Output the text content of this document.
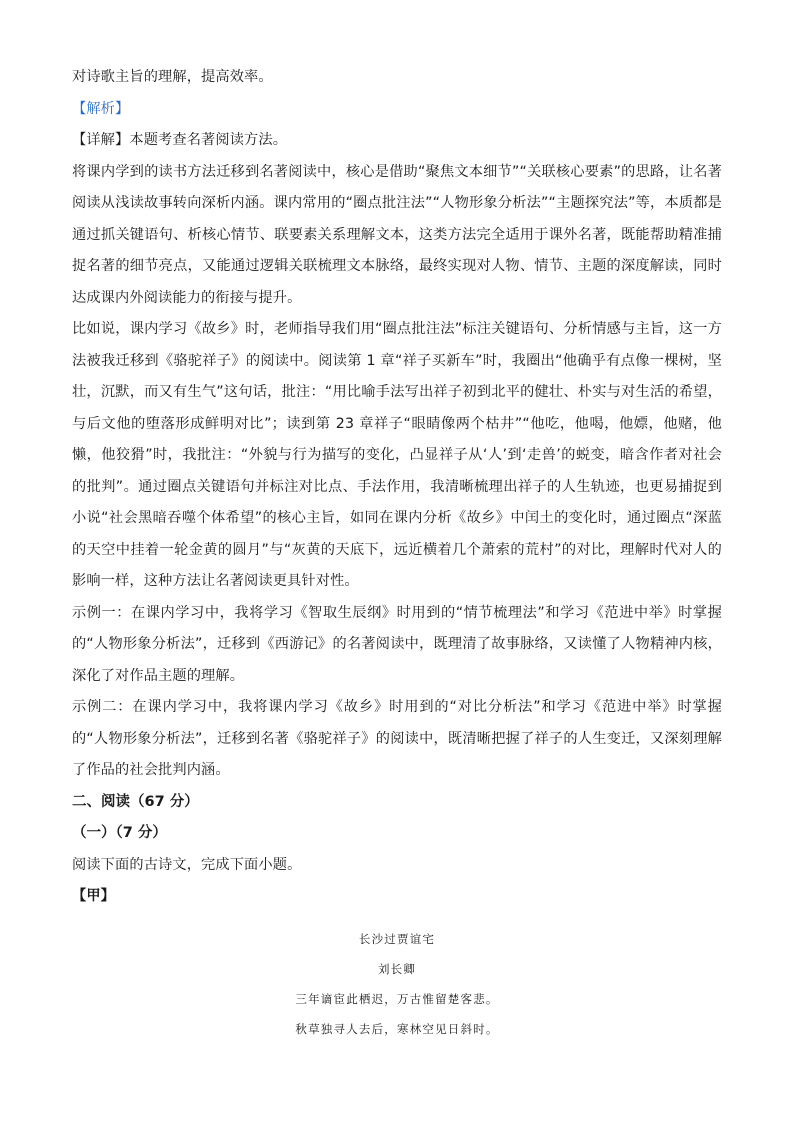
对诗歌主旨的理解，提高效率。

【解析】

【详解】本题考查名著阅读方法。

将课内学到的读书方法迁移到名著阅读中，核心是借助“聚焦文本细节”“关联核心要素”的思路，让名著阅读从浅读故事转向深析内涵。课内常用的“圈点批注法”“人物形象分析法”“主题探究法”等，本质都是通过抓关键语句、析核心情节、联要素关系理解文本，这类方法完全适用于课外名著，既能帮助精准捕捉名著的细节亮点，又能通过逻辑关联梳理文本脉络，最终实现对人物、情节、主题的深度解读，同时达成课内外阅读能力的衔接与提升。

比如说，课内学习《故乡》时，老师指导我们用“圈点批注法”标注关键语句、分析情感与主旨，这一方法被我迁移到《骆驼祥子》的阅读中。阅读第 1 章“祥子买新车”时，我圈出“他确乎有点像一棵树，坚壮，沉默，而又有生气”这句话，批注：“用比喻手法写出祥子初到北平的健壮、朴实与对生活的希望，与后文他的堕落形成鲜明对比”；读到第 23 章祥子“眼睛像两个枯井”“他吃，他喝，他嫖，他赌，他懒，他狡猾”时，我批注：“外貌与行为描写的变化，凸显祥子从‘人’到‘走兽’的蜕变，暗含作者对社会的批判”。通过圈点关键语句并标注对比点、手法作用，我清晰梳理出祥子的人生轨迹，也更易捕捉到小说“社会黑暗吞噬个体希望”的核心主旨，如同在课内分析《故乡》中闰土的变化时，通过圈点“深蓝的天空中挂着一轮金黄的圆月”与“灰黄的天底下，远近横着几个萧索的荒村”的对比，理解时代对人的影响一样，这种方法让名著阅读更具针对性。

示例一：在课内学习中，我将学习《智取生辰纲》时用到的“情节梳理法”和学习《范进中举》时掌握的“人物形象分析法”，迁移到《西游记》的名著阅读中，既理清了故事脉络，又读懂了人物精神内核，深化了对作品主题的理解。

示例二：在课内学习中，我将课内学习《故乡》时用到的“对比分析法”和学习《范进中举》时掌握的“人物形象分析法”，迁移到名著《骆驼祥子》的阅读中，既清晰把握了祥子的人生变迁，又深刻理解了作品的社会批判内涵。

二、阅读（67 分）

（一）（7 分）

阅读下面的古诗文，完成下面小题。

【甲】

长沙过贾谊宅

刘长卿

三年谪宦此栖迟，万古惟留楚客悲。

秋草独寻人去后，寒林空见日斜时。
